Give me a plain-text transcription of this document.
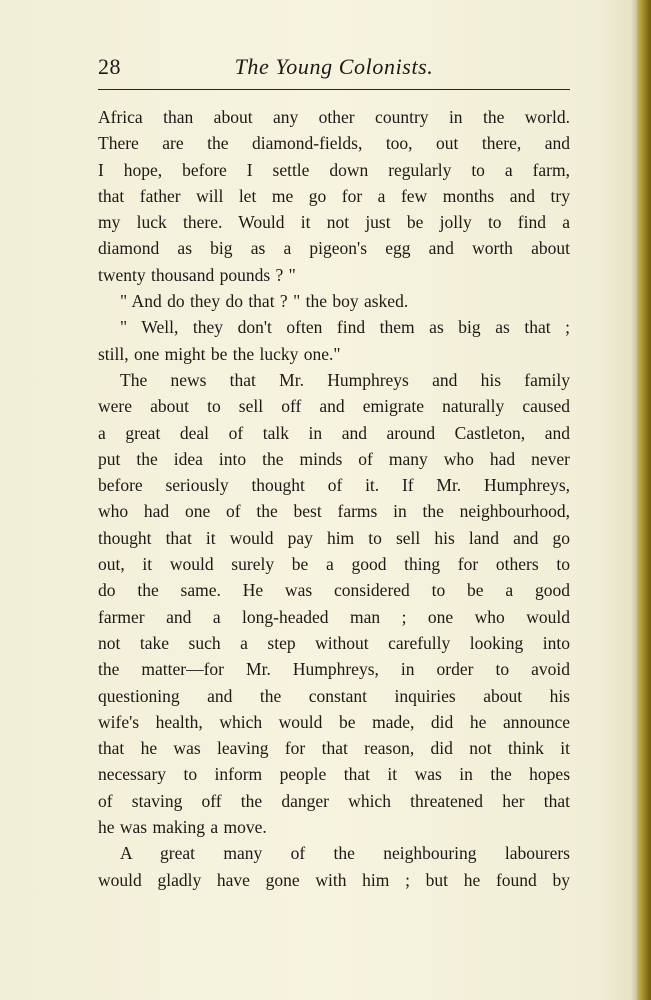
28	The Young Colonists.
Africa than about any other country in the world.
There are the diamond-fields, too, out there, and
I hope, before I settle down regularly to a farm,
that father will let me go for a few months and try
my luck there. Would it not just be jolly to find a
diamond as big as a pigeon's egg and worth about
twenty thousand pounds ? "
" And do they do that ? " the boy asked.
" Well, they don't often find them as big as that ;
still, one might be the lucky one."
The news that Mr. Humphreys and his family
were about to sell off and emigrate naturally caused
a great deal of talk in and around Castleton, and
put the idea into the minds of many who had never
before seriously thought of it. If Mr. Humphreys,
who had one of the best farms in the neighbourhood,
thought that it would pay him to sell his land and go
out, it would surely be a good thing for others to
do the same. He was considered to be a good
farmer and a long-headed man ; one who would
not take such a step without carefully looking into
the matter—for Mr. Humphreys, in order to avoid
questioning and the constant inquiries about his
wife's health, which would be made, did he announce
that he was leaving for that reason, did not think it
necessary to inform people that it was in the hopes
of staving off the danger which threatened her that
he was making a move.
A great many of the neighbouring labourers
would gladly have gone with him ; but he found by
